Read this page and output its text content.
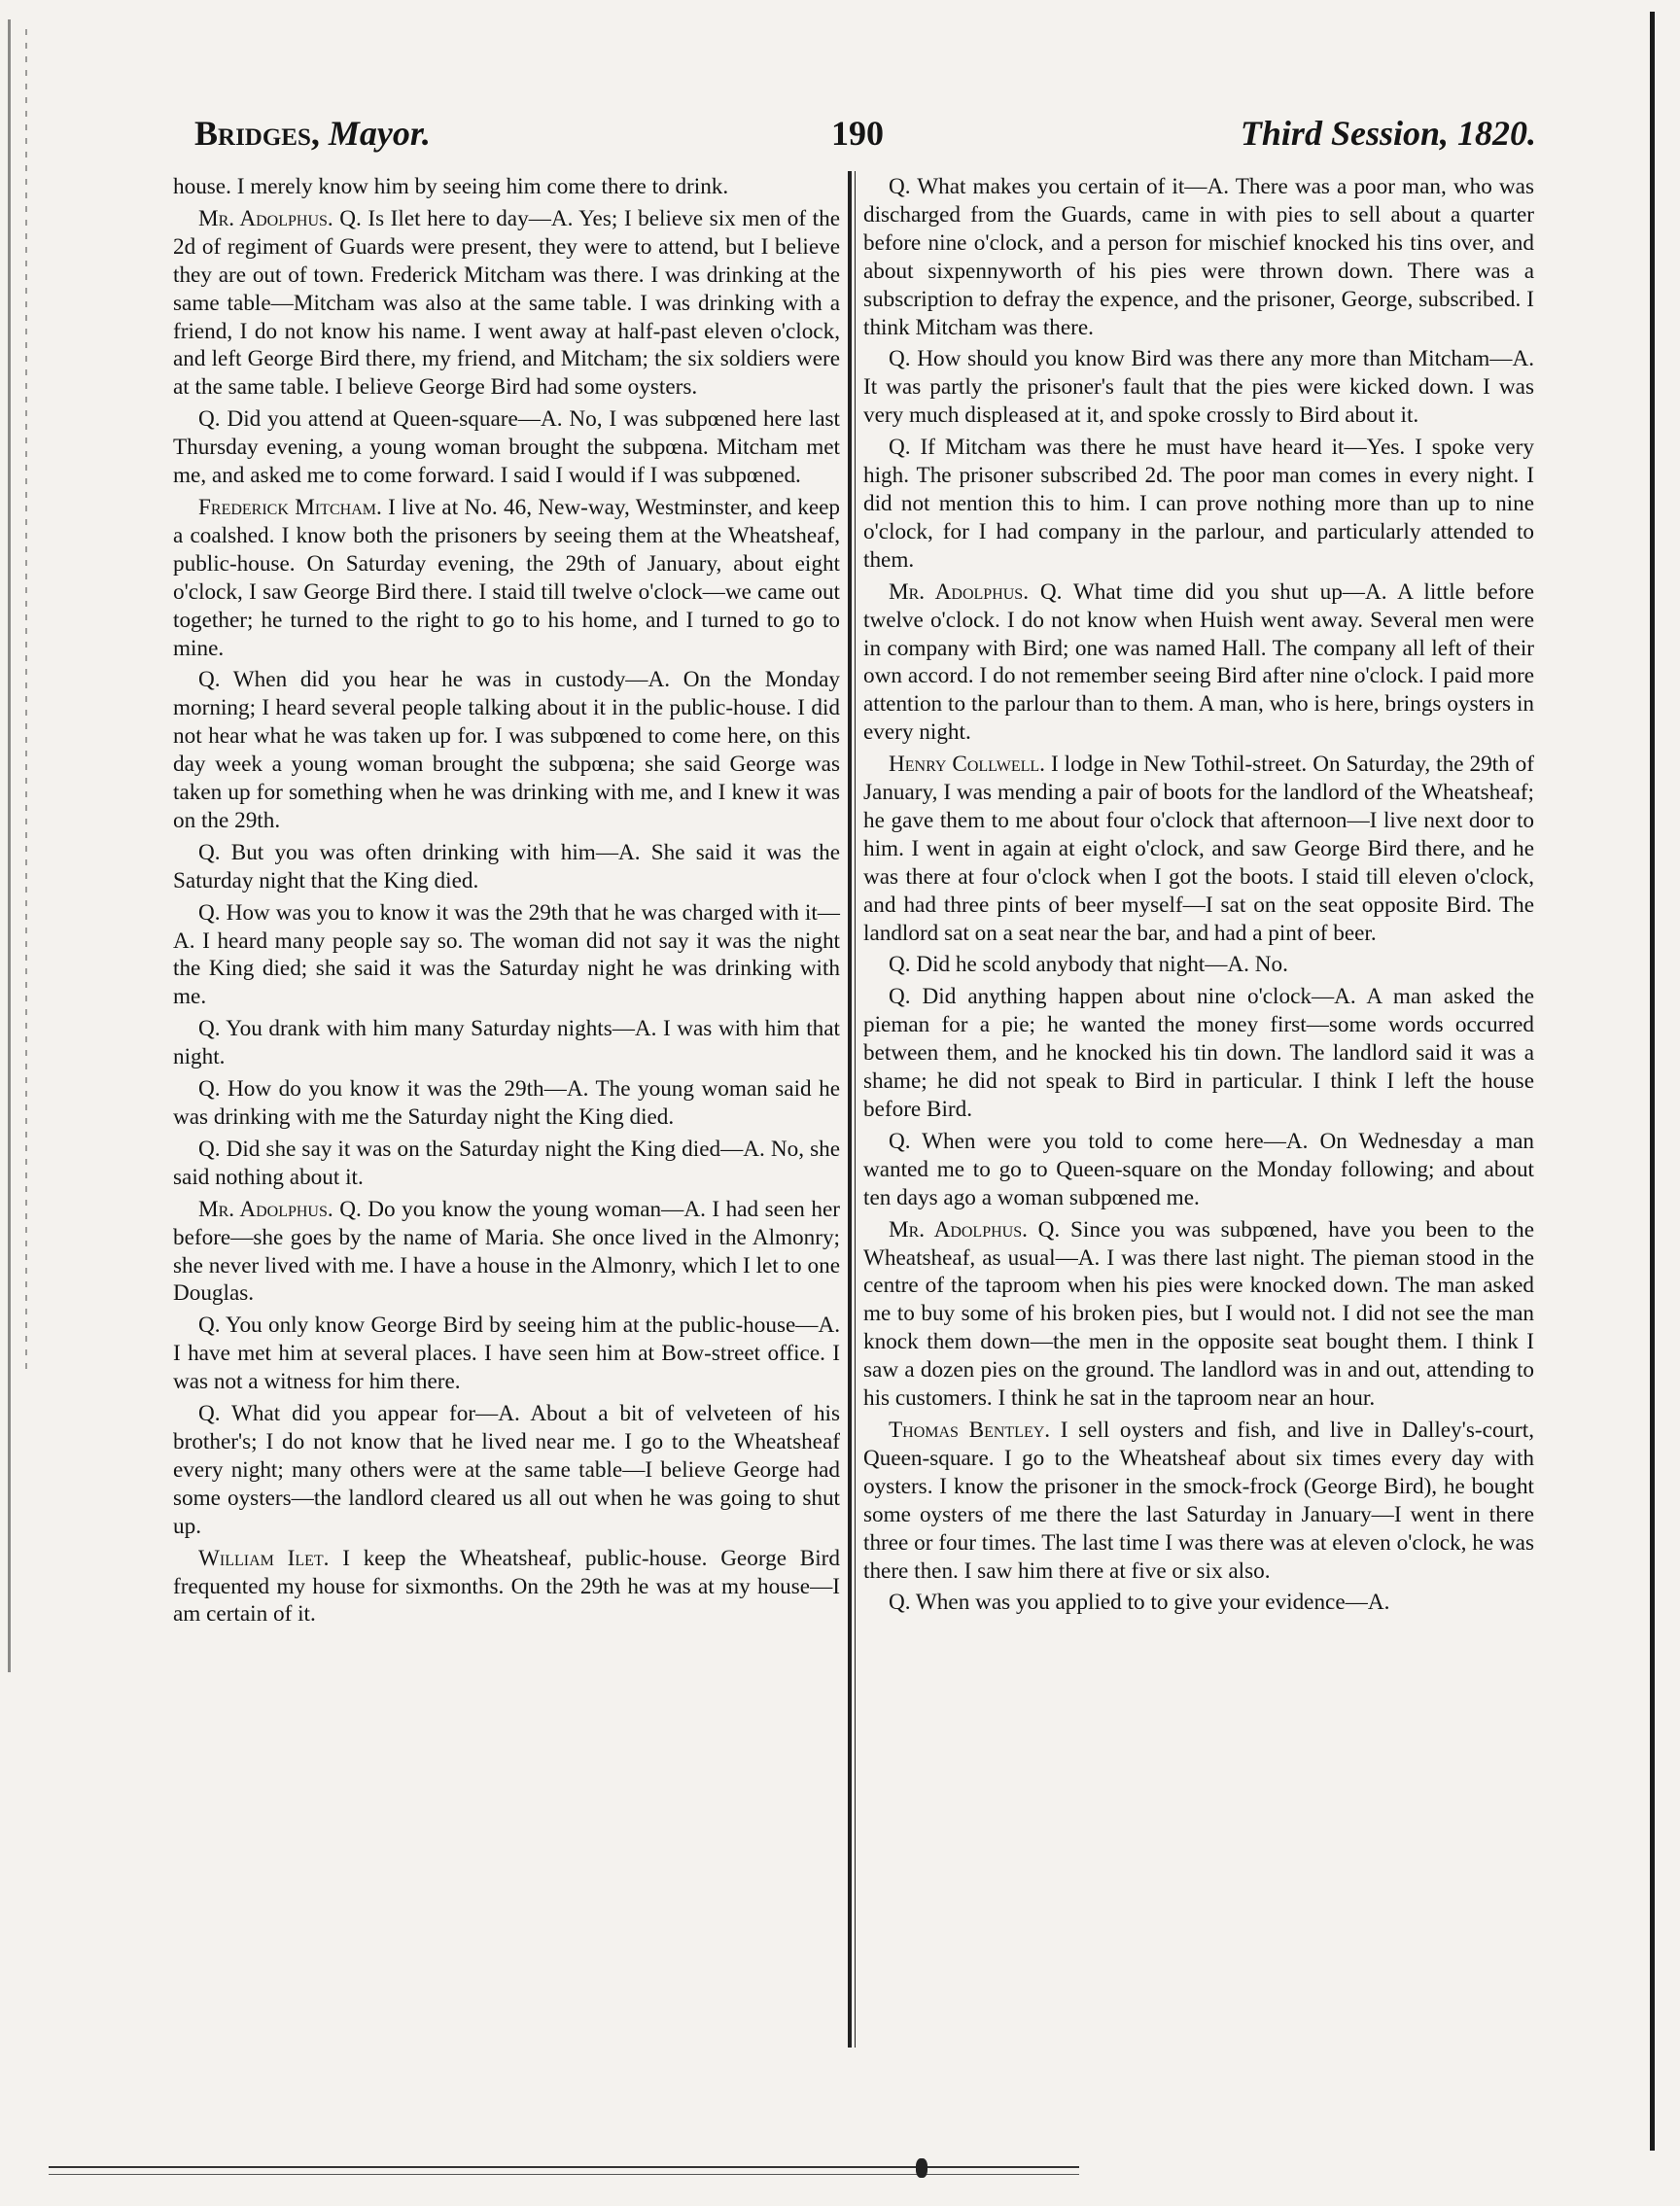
Bridges, Mayor.	190	Third Session, 1820.

house. I merely know him by seeing him come there to drink.

Mr. Adolphus. Q. Is Ilet here to day—A. Yes; I believe six men of the 2d of regiment of Guards were present, they were to attend, but I believe they are out of town. Frederick Mitcham was there. I was drinking at the same table—Mitcham was also at the same table. I was drinking with a friend, I do not know his name. I went away at half-past eleven o'clock, and left George Bird there, my friend, and Mitcham; the six soldiers were at the same table. I believe George Bird had some oysters.

Q. Did you attend at Queen-square—A. No, I was subpœned here last Thursday evening, a young woman brought the subpœna. Mitcham met me, and asked me to come forward. I said I would if I was subpœned.

Frederick Mitcham. I live at No. 46, New-way, Westminster, and keep a coalshed. I know both the prisoners by seeing them at the Wheatsheaf, public-house. On Saturday evening, the 29th of January, about eight o'clock, I saw George Bird there. I staid till twelve o'clock—we came out together; he turned to the right to go to his home, and I turned to go to mine.

Q. When did you hear he was in custody—A. On the Monday morning; I heard several people talking about it in the public-house. I did not hear what he was taken up for. I was subpœned to come here, on this day week a young woman brought the subpœna; she said George was taken up for something when he was drinking with me, and I knew it was on the 29th.

Q. But you was often drinking with him—A. She said it was the Saturday night that the King died.

Q. How was you to know it was the 29th that he was charged with it—A. I heard many people say so. The woman did not say it was the night the King died; she said it was the Saturday night he was drinking with me.

Q. You drank with him many Saturday nights—A. I was with him that night.

Q. How do you know it was the 29th—A. The young woman said he was drinking with me the Saturday night the King died.

Q. Did she say it was on the Saturday night the King died—A. No, she said nothing about it.

Mr. Adolphus. Q. Do you know the young woman—A. I had seen her before—she goes by the name of Maria. She once lived in the Almonry; she never lived with me. I have a house in the Almonry, which I let to one Douglas.

Q. You only know George Bird by seeing him at the public-house—A. I have met him at several places. I have seen him at Bow-street office. I was not a witness for him there.

Q. What did you appear for—A. About a bit of velveteen of his brother's; I do not know that he lived near me. I go to the Wheatsheaf every night; many others were at the same table—I believe George had some oysters—the landlord cleared us all out when he was going to shut up.

William Ilet. I keep the Wheatsheaf, public-house. George Bird frequented my house for sixmonths. On the 29th he was at my house—I am certain of it.

Q. What makes you certain of it—A. There was a poor man, who was discharged from the Guards, came in with pies to sell about a quarter before nine o'clock, and a person for mischief knocked his tins over, and about sixpennyworth of his pies were thrown down. There was a subscription to defray the expence, and the prisoner, George, subscribed. I think Mitcham was there.

Q. How should you know Bird was there any more than Mitcham—A. It was partly the prisoner's fault that the pies were kicked down. I was very much displeased at it, and spoke crossly to Bird about it.

Q. If Mitcham was there he must have heard it—Yes. I spoke very high. The prisoner subscribed 2d. The poor man comes in every night. I did not mention this to him. I can prove nothing more than up to nine o'clock, for I had company in the parlour, and particularly attended to them.

Mr. Adolphus. Q. What time did you shut up—A. A little before twelve o'clock. I do not know when Huish went away. Several men were in company with Bird; one was named Hall. The company all left of their own accord. I do not remember seeing Bird after nine o'clock. I paid more attention to the parlour than to them. A man, who is here, brings oysters in every night.

Henry Collwell. I lodge in New Tothil-street. On Saturday, the 29th of January, I was mending a pair of boots for the landlord of the Wheatsheaf; he gave them to me about four o'clock that afternoon—I live next door to him. I went in again at eight o'clock, and saw George Bird there, and he was there at four o'clock when I got the boots. I staid till eleven o'clock, and had three pints of beer myself—I sat on the seat opposite Bird. The landlord sat on a seat near the bar, and had a pint of beer.

Q. Did he scold anybody that night—A. No.

Q. Did anything happen about nine o'clock—A. A man asked the pieman for a pie; he wanted the money first—some words occurred between them, and he knocked his tin down. The landlord said it was a shame; he did not speak to Bird in particular. I think I left the house before Bird.

Q. When were you told to come here—A. On Wednesday a man wanted me to go to Queen-square on the Monday following; and about ten days ago a woman subpœned me.

Mr. Adolphus. Q. Since you was subpœned, have you been to the Wheatsheaf, as usual—A. I was there last night. The pieman stood in the centre of the taproom when his pies were knocked down. The man asked me to buy some of his broken pies, but I would not. I did not see the man knock them down—the men in the opposite seat bought them. I think I saw a dozen pies on the ground. The landlord was in and out, attending to his customers. I think he sat in the taproom near an hour.

Thomas Bentley. I sell oysters and fish, and live in Dalley's-court, Queen-square. I go to the Wheatsheaf about six times every day with oysters. I know the prisoner in the smock-frock (George Bird), he bought some oysters of me there the last Saturday in January—I went in there three or four times. The last time I was there was at eleven o'clock, he was there then. I saw him there at five or six also.

Q. When was you applied to to give your evidence—A.
